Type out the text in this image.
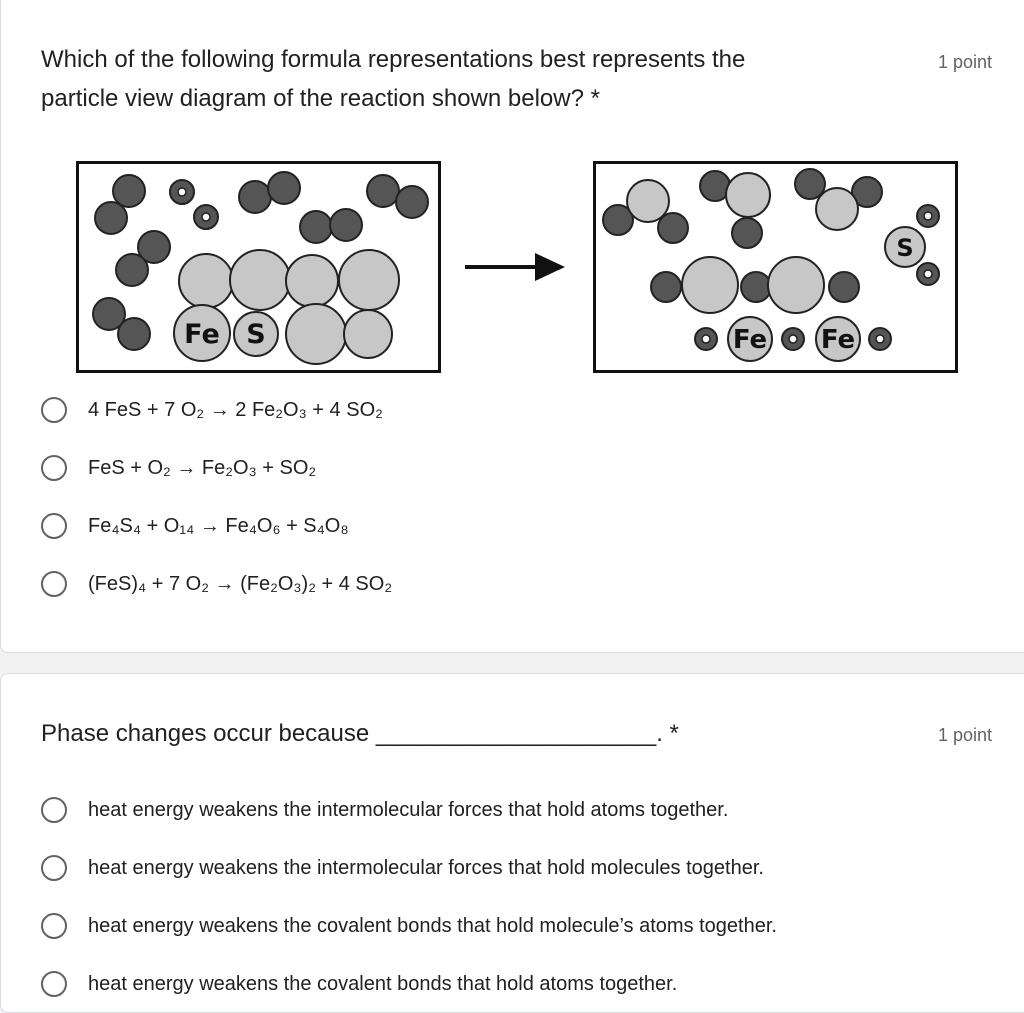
Which of the following formula representations best represents the
particle view diagram of the reaction shown below? *
1 point
Fe S
S
Fe Fe
4 FeS + 7 O₂ → 2 Fe₂O₃ + 4 SO₂
FeS + O₂ → Fe₂O₃ + SO₂
Fe₄S₄ + O₁₄ → Fe₄O₆ + S₄O₈
(FeS)₄ + 7 O₂ → (Fe₂O₃)₂ + 4 SO₂
Phase changes occur because _____________________. *	1 point
heat energy weakens the intermolecular forces that hold atoms together.
heat energy weakens the intermolecular forces that hold molecules together.
heat energy weakens the covalent bonds that hold molecule’s atoms together.
heat energy weakens the covalent bonds that hold atoms together.
